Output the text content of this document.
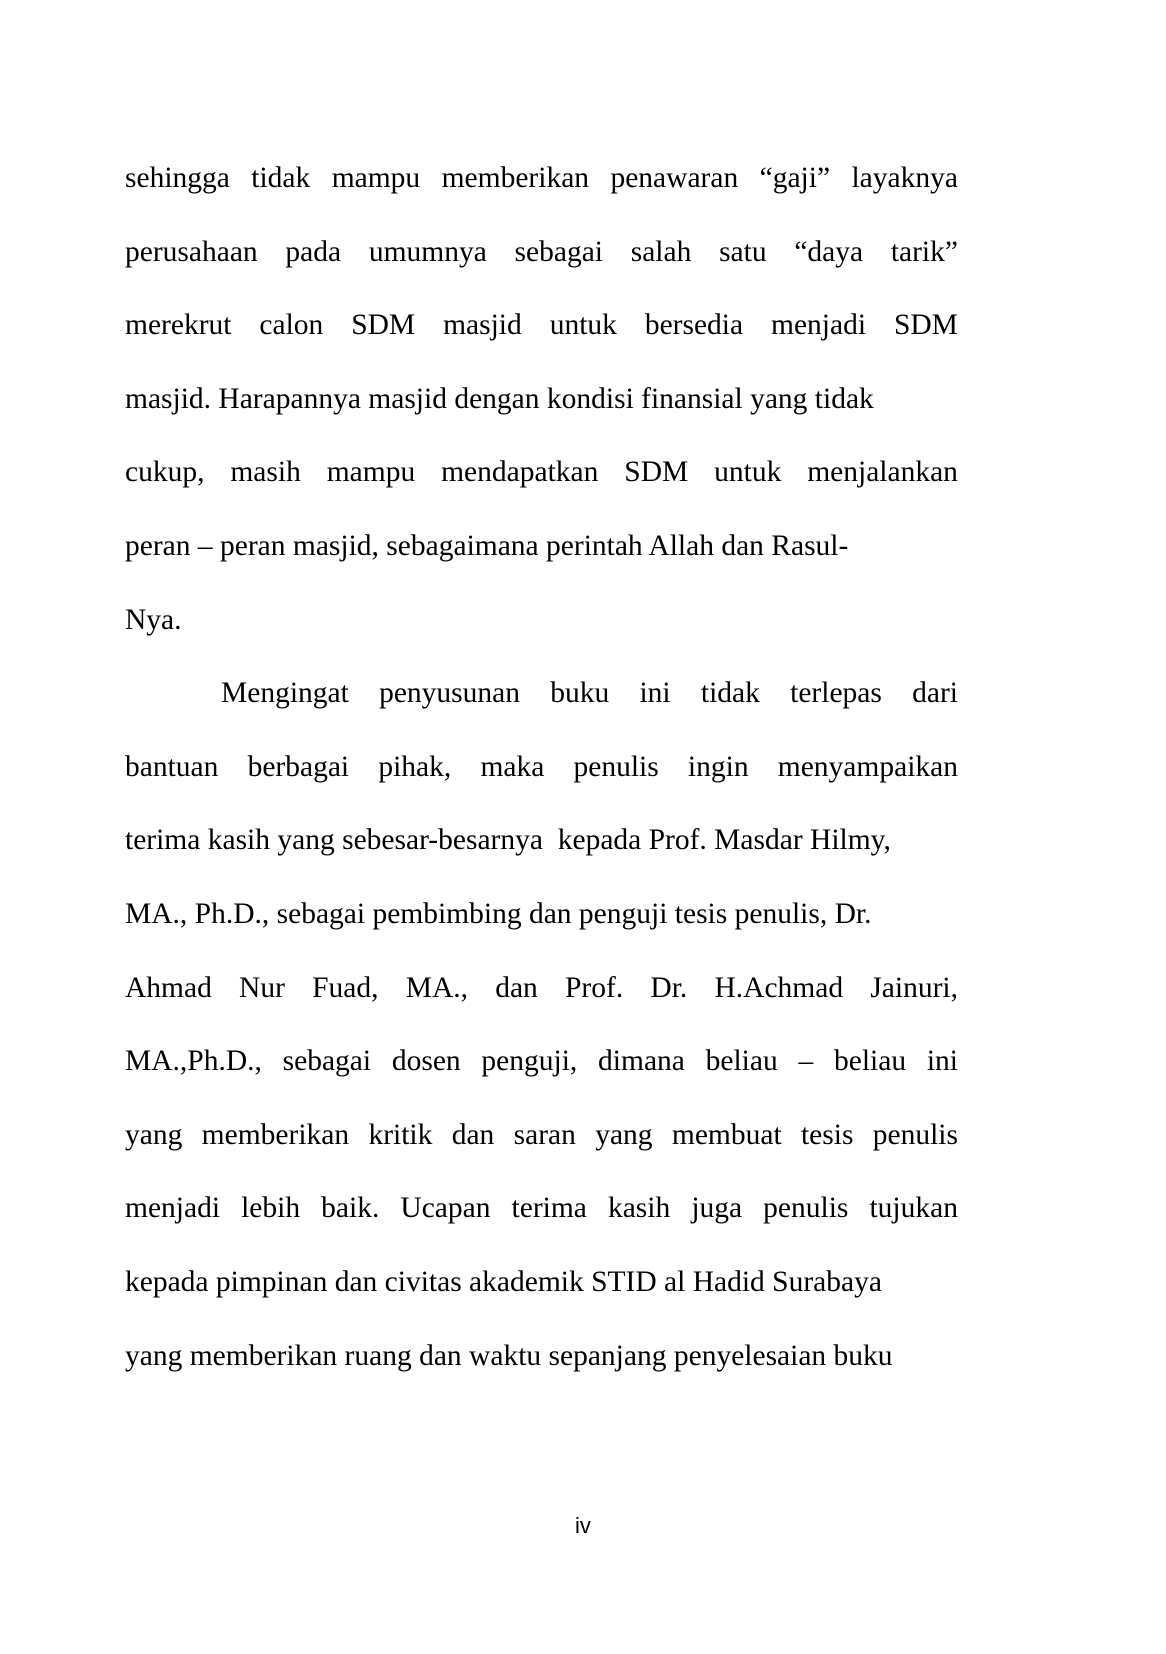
sehingga tidak mampu memberikan penawaran “gaji” layaknya
perusahaan pada umumnya sebagai salah satu “daya tarik”
merekrut calon SDM masjid untuk bersedia menjadi SDM
masjid. Harapannya masjid dengan kondisi finansial yang tidak
cukup, masih mampu mendapatkan SDM untuk menjalankan
peran – peran masjid, sebagaimana perintah Allah dan Rasul-
Nya.
Mengingat penyusunan buku ini tidak terlepas dari
bantuan berbagai pihak, maka penulis ingin menyampaikan
terima kasih yang sebesar-besarnya  kepada Prof. Masdar Hilmy,
MA., Ph.D., sebagai pembimbing dan penguji tesis penulis, Dr.
Ahmad Nur Fuad, MA., dan Prof. Dr. H.Achmad Jainuri,
MA.,Ph.D., sebagai dosen penguji, dimana beliau – beliau ini
yang memberikan kritik dan saran yang membuat tesis penulis
menjadi lebih baik. Ucapan terima kasih juga penulis tujukan
kepada pimpinan dan civitas akademik STID al Hadid Surabaya
yang memberikan ruang dan waktu sepanjang penyelesaian buku
iv
